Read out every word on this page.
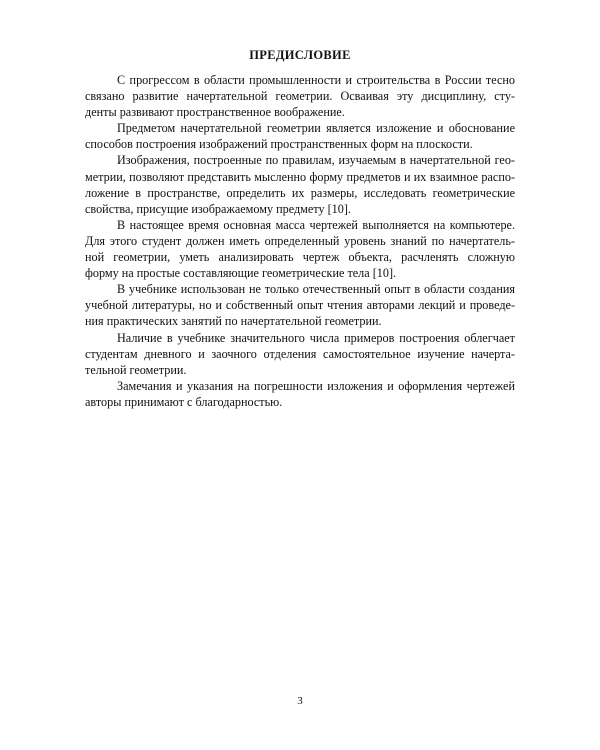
ПРЕДИСЛОВИЕ

С прогрессом в области промышленности и строительства в России тесно
связано развитие начертательной геометрии. Осваивая эту дисциплину, сту-
денты развивают пространственное воображение.

Предметом начертательной геометрии является изложение и обоснование
способов построения изображений пространственных форм на плоскости.

Изображения, построенные по правилам, изучаемым в начертательной гео-
метрии, позволяют представить мысленно форму предметов и их взаимное распо-
ложение в пространстве, определить их размеры, исследовать геометрические
свойства, присущие изображаемому предмету [10].

В настоящее время основная масса чертежей выполняется на компьютере.
Для этого студент должен иметь определенный уровень знаний по начертатель-
ной геометрии, уметь анализировать чертеж объекта, расчленять сложную
форму на простые составляющие геометрические тела [10].

В учебнике использован не только отечественный опыт в области создания
учебной литературы, но и собственный опыт чтения авторами лекций и проведе-
ния практических занятий по начертательной геометрии.

Наличие в учебнике значительного числа примеров построения облегчает
студентам дневного и заочного отделения самостоятельное изучение начерта-
тельной геометрии.

Замечания и указания на погрешности изложения и оформления чертежей
авторы принимают с благодарностью.

3
